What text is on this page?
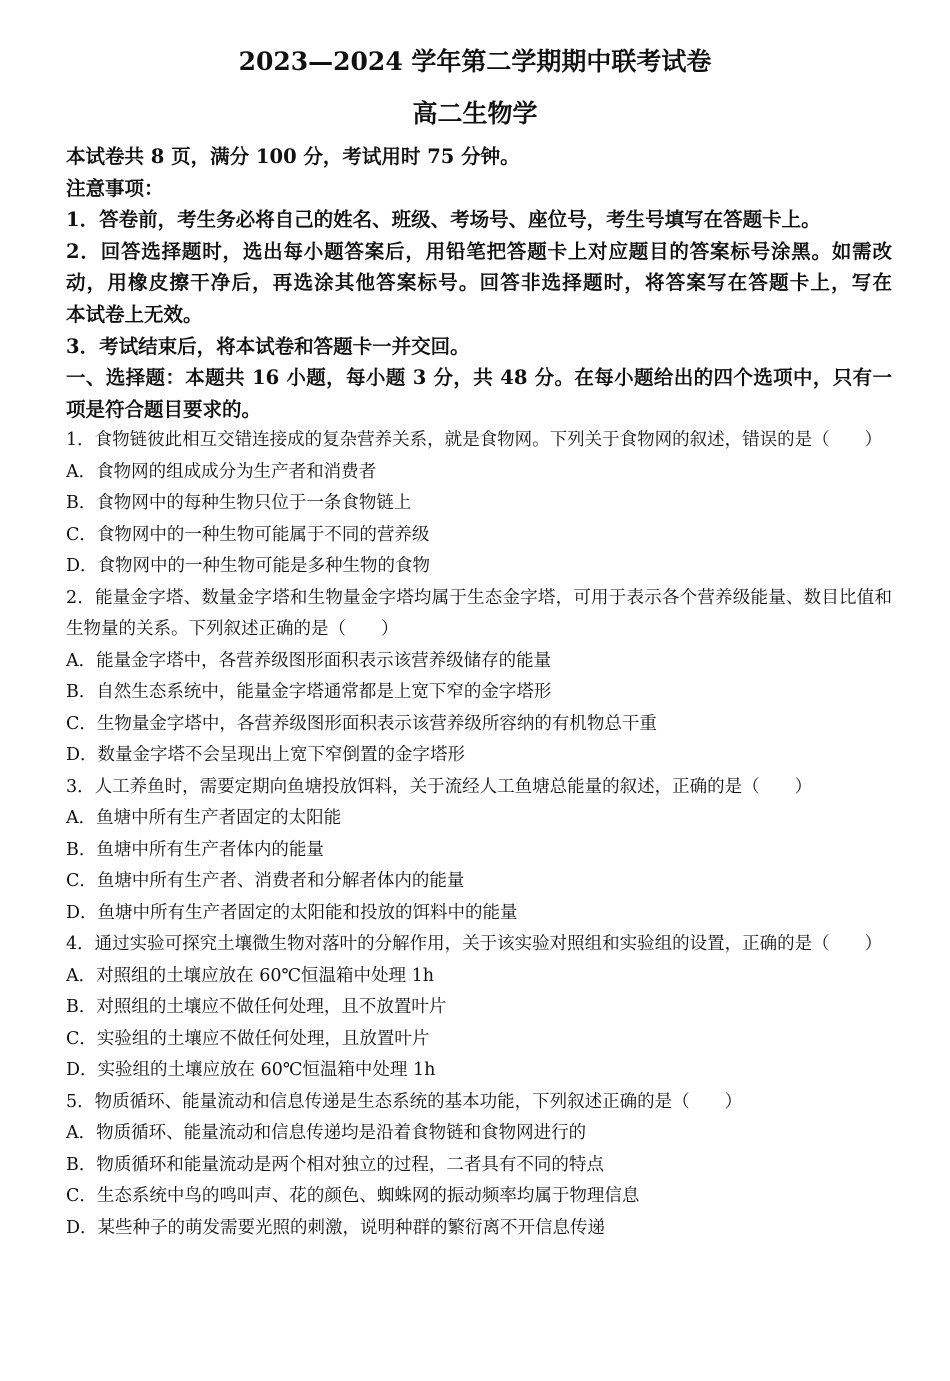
2023—2024 学年第二学期期中联考试卷
高二生物学
本试卷共 8 页，满分 100 分，考试用时 75 分钟。
注意事项：
1．答卷前，考生务必将自己的姓名、班级、考场号、座位号，考生号填写在答题卡上。
2．回答选择题时，选出每小题答案后，用铅笔把答题卡上对应题目的答案标号涂黑。如需改
动，用橡皮擦干净后，再选涂其他答案标号。回答非选择题时，将答案写在答题卡上，写在
本试卷上无效。
3．考试结束后，将本试卷和答题卡一并交回。
一、选择题：本题共 16 小题，每小题 3 分，共 48 分。在每小题给出的四个选项中，只有一
项是符合题目要求的。
1．食物链彼此相互交错连接成的复杂营养关系，就是食物网。下列关于食物网的叙述，错误的是（　　）
A．食物网的组成成分为生产者和消费者
B．食物网中的每种生物只位于一条食物链上
C．食物网中的一种生物可能属于不同的营养级
D．食物网中的一种生物可能是多种生物的食物
2．能量金字塔、数量金字塔和生物量金字塔均属于生态金字塔，可用于表示各个营养级能量、数目比值和
生物量的关系。下列叙述正确的是（　　）
A．能量金字塔中，各营养级图形面积表示该营养级储存的能量
B．自然生态系统中，能量金字塔通常都是上宽下窄的金字塔形
C．生物量金字塔中，各营养级图形面积表示该营养级所容纳的有机物总干重
D．数量金字塔不会呈现出上宽下窄倒置的金字塔形
3．人工养鱼时，需要定期向鱼塘投放饵料，关于流经人工鱼塘总能量的叙述，正确的是（　　）
A．鱼塘中所有生产者固定的太阳能
B．鱼塘中所有生产者体内的能量
C．鱼塘中所有生产者、消费者和分解者体内的能量
D．鱼塘中所有生产者固定的太阳能和投放的饵料中的能量
4．通过实验可探究土壤微生物对落叶的分解作用，关于该实验对照组和实验组的设置，正确的是（　　）
A．对照组的土壤应放在 60℃恒温箱中处理 1h
B．对照组的土壤应不做任何处理，且不放置叶片
C．实验组的土壤应不做任何处理，且放置叶片
D．实验组的土壤应放在 60℃恒温箱中处理 1h
5．物质循环、能量流动和信息传递是生态系统的基本功能，下列叙述正确的是（　　）
A．物质循环、能量流动和信息传递均是沿着食物链和食物网进行的
B．物质循环和能量流动是两个相对独立的过程，二者具有不同的特点
C．生态系统中鸟的鸣叫声、花的颜色、蜘蛛网的振动频率均属于物理信息
D．某些种子的萌发需要光照的刺激，说明种群的繁衍离不开信息传递
